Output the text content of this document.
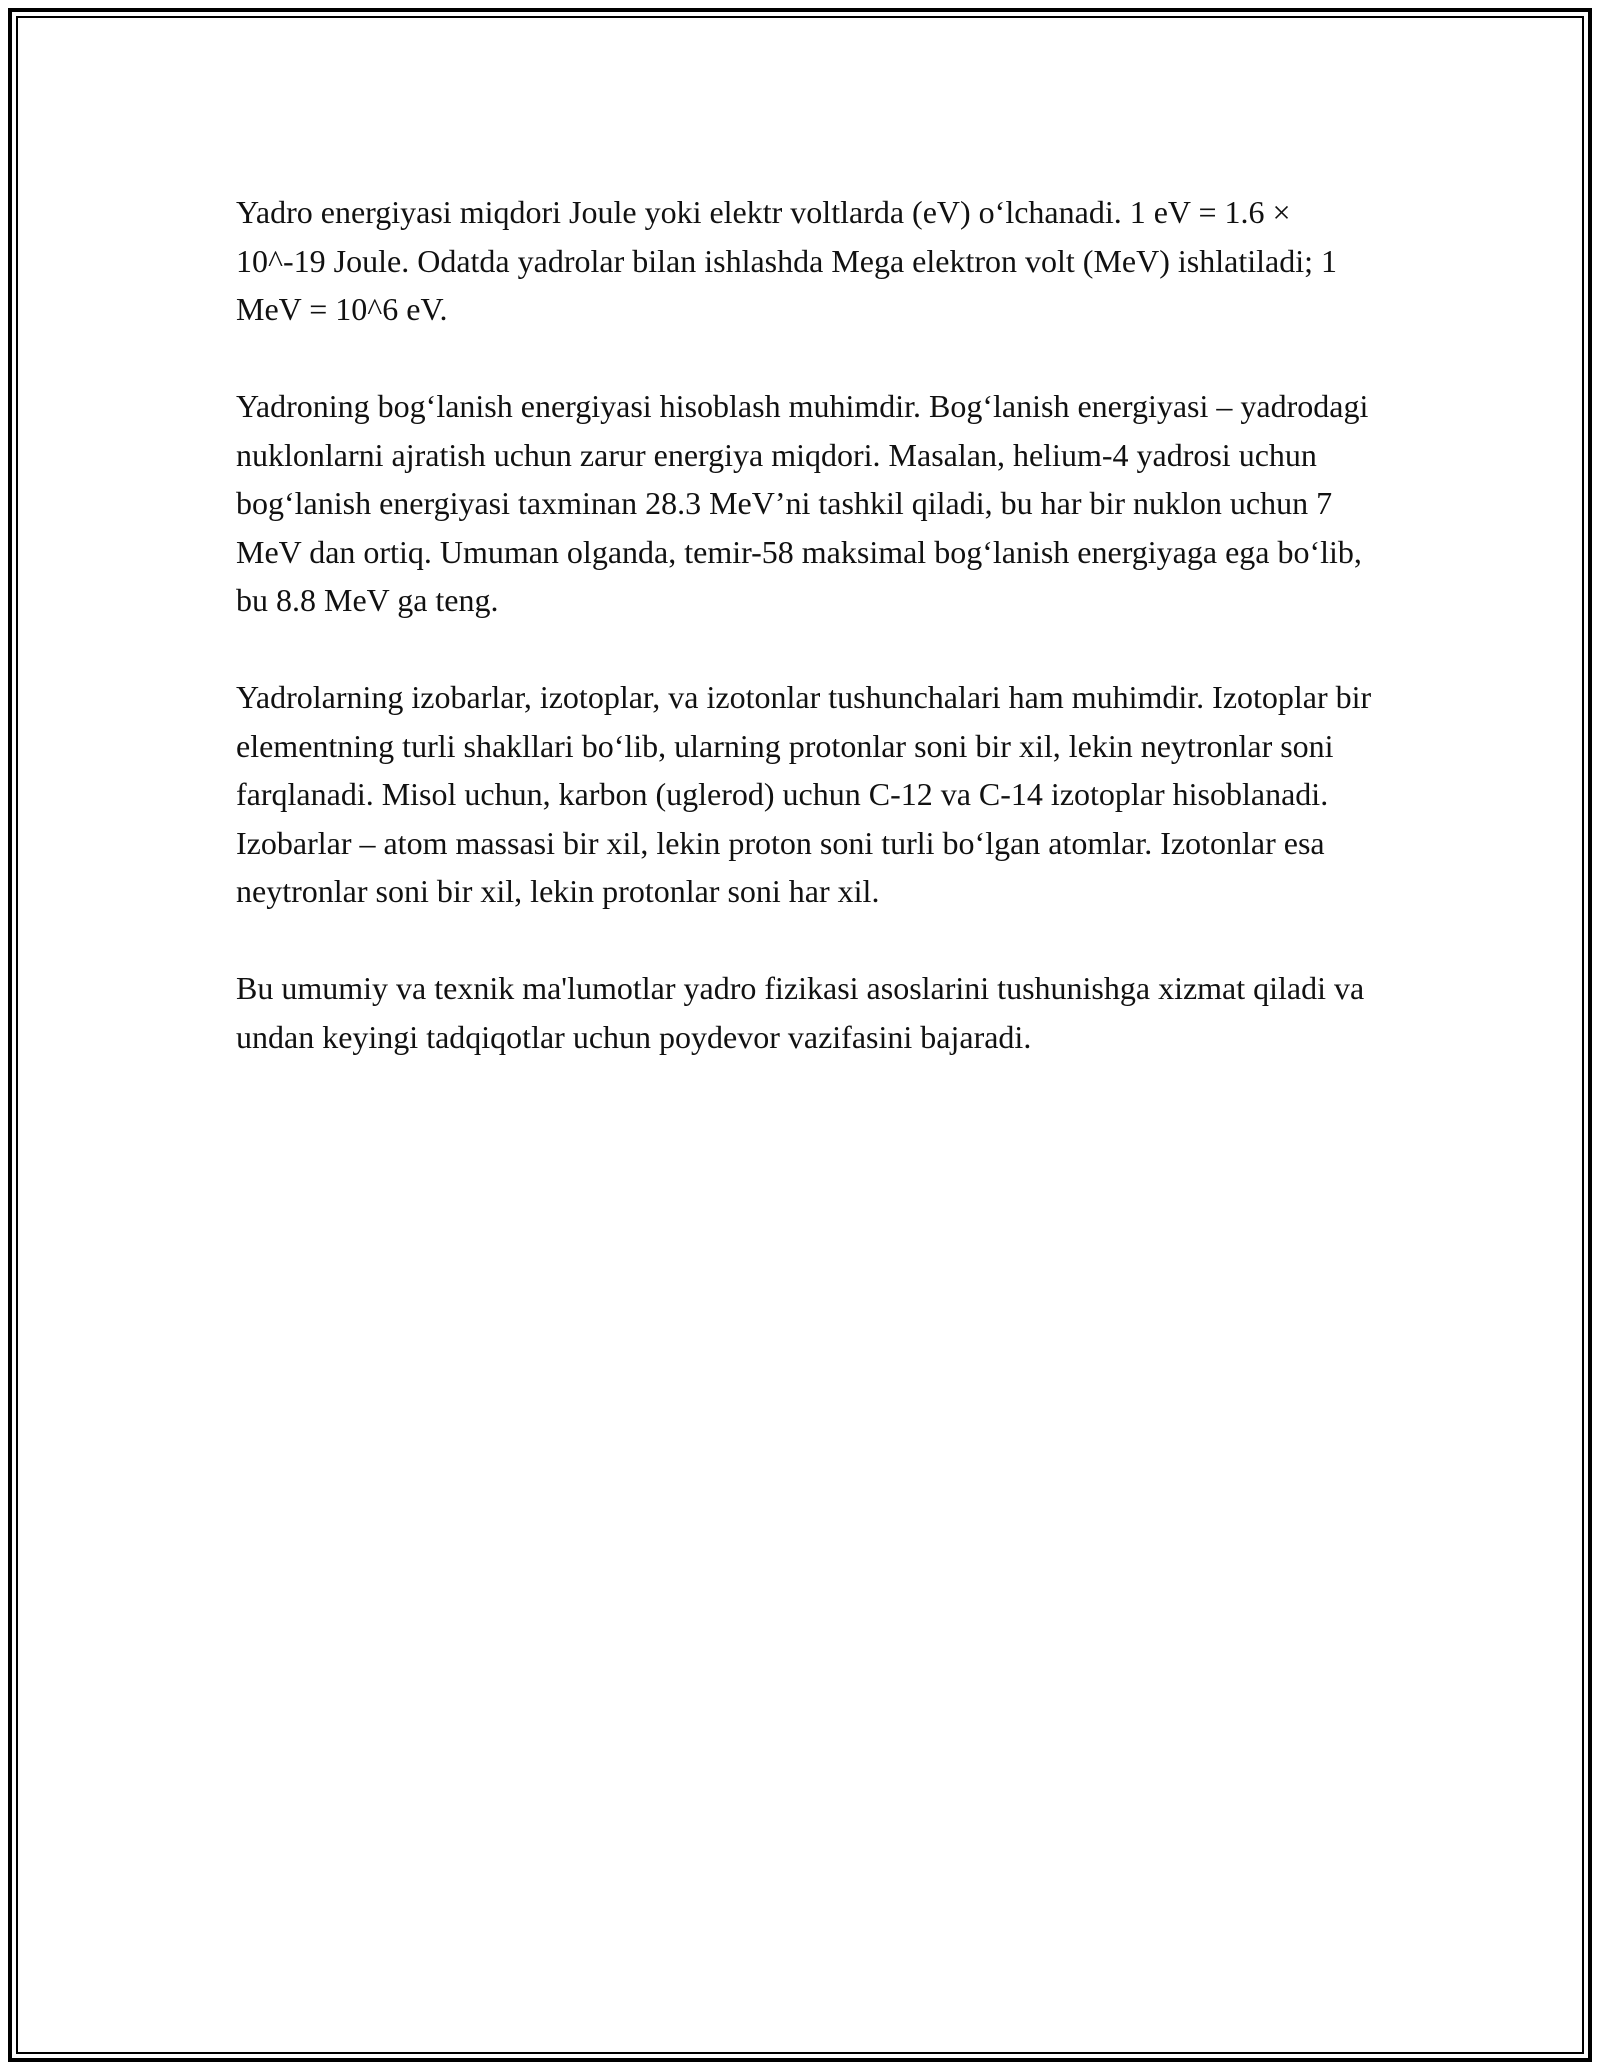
Yadro energiyasi miqdori Joule yoki elektr voltlarda (eV) o‘lchanadi. 1 eV = 1.6 × 10^-19 Joule. Odatda yadrolar bilan ishlashda Mega elektron volt (MeV) ishlatiladi; 1 MeV = 10^6 eV.

Yadroning bog‘lanish energiyasi hisoblash muhimdir. Bog‘lanish energiyasi – yadrodagi nuklonlarni ajratish uchun zarur energiya miqdori. Masalan, helium-4 yadrosi uchun bog‘lanish energiyasi taxminan 28.3 MeV’ni tashkil qiladi, bu har bir nuklon uchun 7 MeV dan ortiq. Umuman olganda, temir-58 maksimal bog‘lanish energiyaga ega bo‘lib, bu 8.8 MeV ga teng.

Yadrolarning izobarlar, izotoplar, va izotonlar tushunchalari ham muhimdir. Izotoplar bir elementning turli shakllari bo‘lib, ularning protonlar soni bir xil, lekin neytronlar soni farqlanadi. Misol uchun, karbon (uglerod) uchun C-12 va C-14 izotoplar hisoblanadi. Izobarlar – atom massasi bir xil, lekin proton soni turli bo‘lgan atomlar. Izotonlar esa neytronlar soni bir xil, lekin protonlar soni har xil.

Bu umumiy va texnik ma'lumotlar yadro fizikasi asoslarini tushunishga xizmat qiladi va undan keyingi tadqiqotlar uchun poydevor vazifasini bajaradi.
